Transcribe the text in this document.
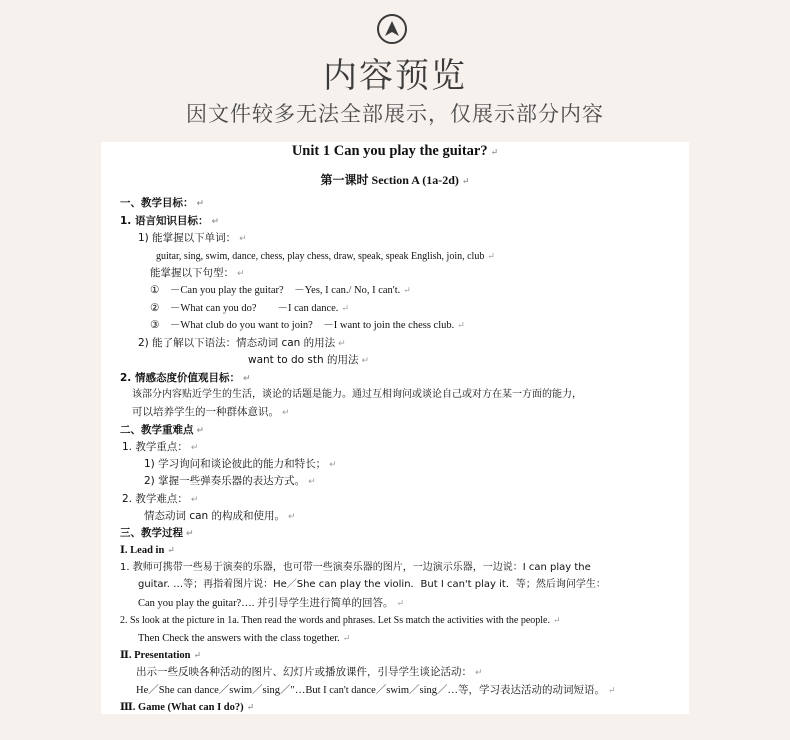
内容预览
因文件较多无法全部展示，仅展示部分内容
Unit 1 Can you play the guitar? ↵
第一课时 Section A (1a-2d) ↵
一、教学目标： ↵
1. 语言知识目标： ↵
1) 能掌握以下单词： ↵
guitar, sing, swim, dance, chess, play chess, draw, speak, speak English, join, club ↵
能掌握以下句型： ↵
①　－Can you play the guitar?　－Yes, I can./ No, I can't. ↵
②　－What can you do?　　－I can dance. ↵
③　－What club do you want to join?　－I want to join the chess club. ↵
2) 能了解以下语法：情态动词 can 的用法 ↵
want to do sth 的用法 ↵
2. 情感态度价值观目标： ↵
该部分内容贴近学生的生活，谈论的话题是能力。通过互相询问或谈论自己或对方在某一方面的能力，
可以培养学生的一种群体意识。 ↵
二、教学重难点 ↵
1. 教学重点： ↵
1) 学习询问和谈论彼此的能力和特长； ↵
2) 掌握一些弹奏乐器的表达方式。 ↵
2. 教学难点： ↵
情态动词 can 的构成和使用。 ↵
三、教学过程 ↵
Ⅰ. Lead in ↵
1. 教师可携带一些易于演奏的乐器，也可带一些演奏乐器的图片，一边演示乐器，一边说：I can play the
guitar. …等；再指着图片说：He／She can play the violin．But I can't play it．等；然后询问学生：
Can you play the guitar?…. 并引导学生进行简单的回答。 ↵
2. Ss look at the picture in 1a. Then read the words and phrases. Let Ss match the activities with the people. ↵
Then Check the answers with the class together. ↵
Ⅱ. Presentation ↵
出示一些反映各种活动的图片、幻灯片或播放课件，引导学生谈论活动： ↵
He／She can dance／swim／sing／"…But I can't dance／swim／sing／…等，学习表达活动的动词短语。 ↵
Ⅲ. Game (What can I do?) ↵
